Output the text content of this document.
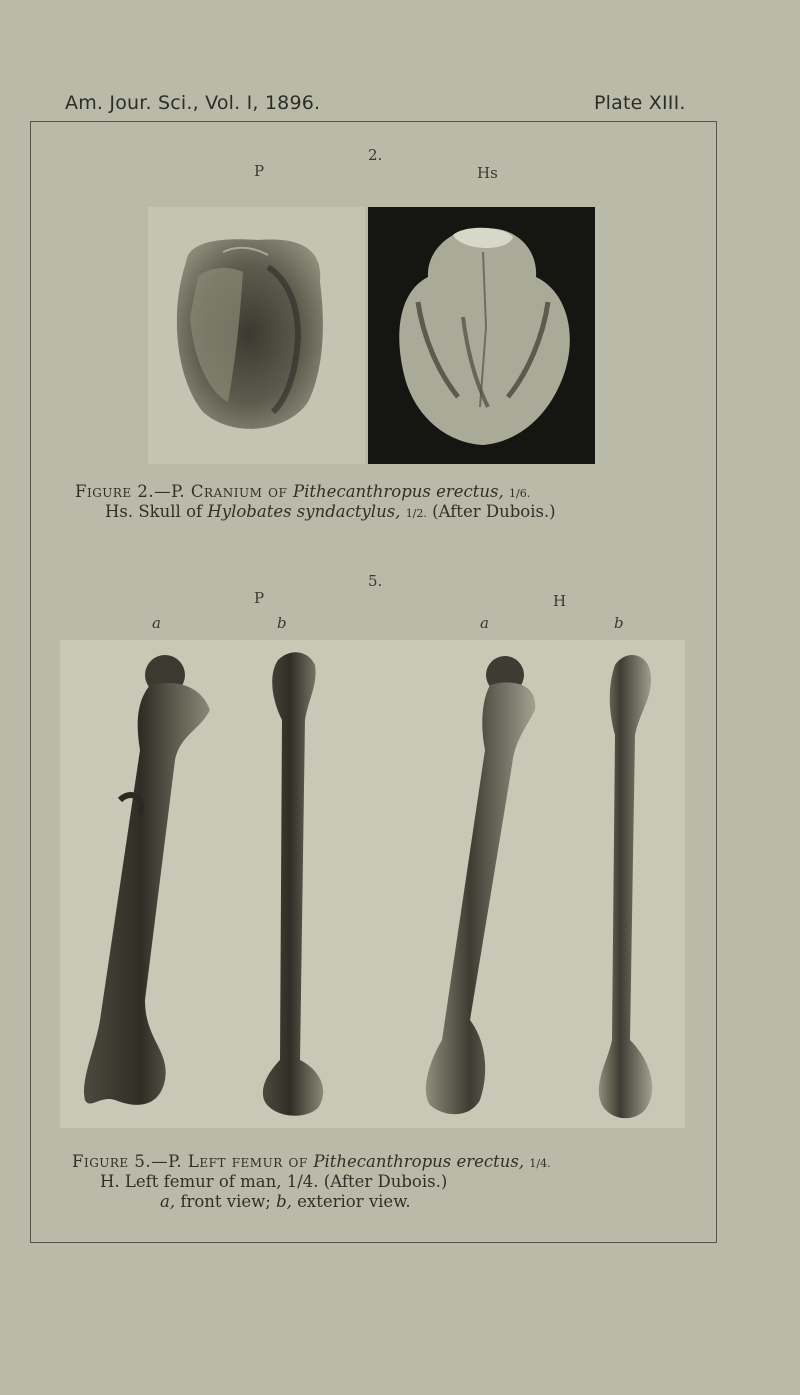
Am. Jour. Sci., Vol. I, 1896.	Plate XIII.
2.
P	Hs
Figure 2.—P. Cranium of Pithecanthropus erectus, 1/6.
Hs. Skull of Hylobates syndactylus, 1/2. (After Dubois.)
5.
P	H
a	b	a	b
Figure 5.—P. Left femur of Pithecanthropus erectus, 1/4.
H. Left femur of man, 1/4. (After Dubois.)
a, front view; b, exterior view.
